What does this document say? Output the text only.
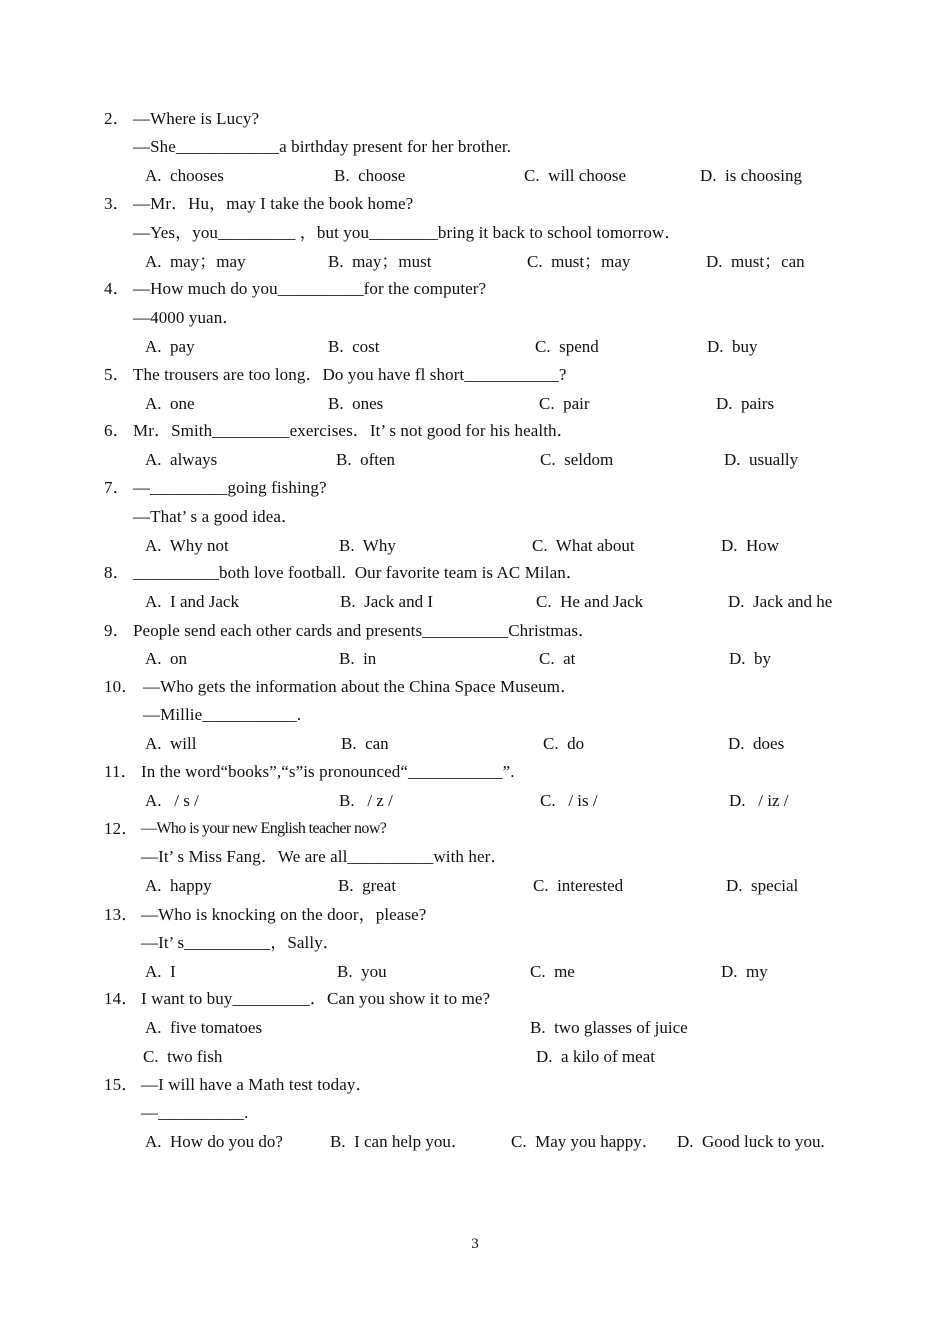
2． —Where is Lucy?
—She____________a birthday present for her brother.
A.  chooses	B.  choose	C.  will choose	D.  is choosing
3． —Mr．Hu，may I take the book home?
—Yes，you_________ ，but you________bring it back to school tomorrow．
A.  may；may	B.  may；must	C.  must；may	D.  must；can
4． —How much do you__________for the computer?
—4000 yuan．
A.  pay	B.  cost	C.  spend	D.  buy
5． The trousers are too long．Do you have fl short___________?
A.  one	B.  ones	C.  pair	D.  pairs
6． Mr．Smith_________exercises．It’ s not good for his health．
A.  always	B.  often	C.  seldom	D.  usually
7． —_________going fishing?
—That’ s a good idea．
A.  Why not	B.  Why	C.  What about	D.  How
8． __________both love football.  Our favorite team is AC Milan．
A.  I and Jack	B.  Jack and I	C.  He and Jack	D.  Jack and he
9． People send each other cards and presents__________Christmas．
A.  on	B.  in	C.  at	D.  by
10． —Who gets the information about the China Space Museum．
—Millie___________.
A.  will	B.  can	C.  do	D.  does
11． In the word“books”,“s”is pronounced“___________”.
A.   / s /	B.   / z /	C.   / is /	D.   / iz /
12． —Who is your new English teacher now?
—It’ s Miss Fang．We are all__________with her．
A.  happy	B.  great	C.  interested	D.  special
13． —Who is knocking on the door，please?
—It’ s__________，Sally．
A.  I	B.  you	C.  me	D.  my
14． I want to buy_________．Can you show it to me?
A.  five tomatoes	B.  two glasses of juice
C.  two fish	D.  a kilo of meat
15． —I will have a Math test today．
—__________.
A.  How do you do?	B.  I can help you．	C.  May you happy． D.  Good luck to you.
3
